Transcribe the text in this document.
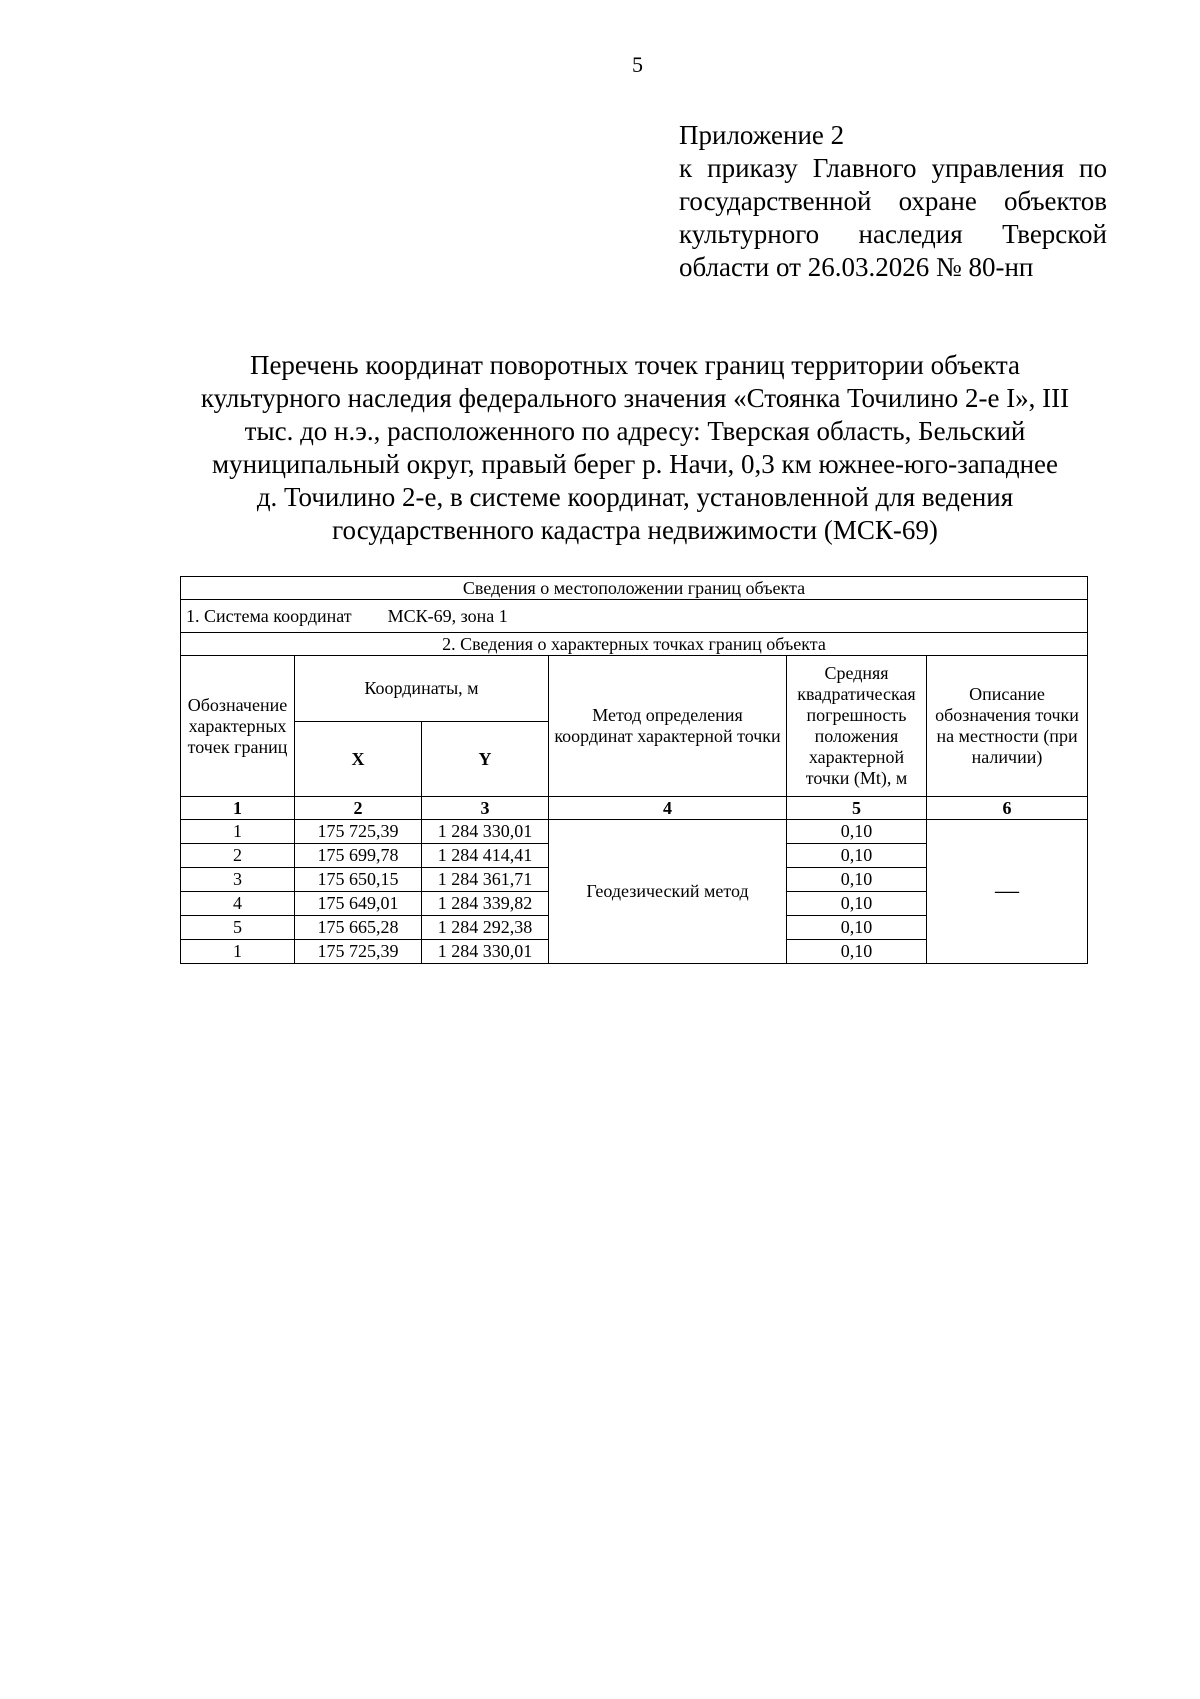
5
Приложение 2
к приказу Главного управления по
государственной охране объектов
культурного наследия Тверской
области от 26.03.2026 № 80-нп
Перечень координат поворотных точек границ территории объекта
культурного наследия федерального значения «Стоянка Точилино 2-е I», III
тыс. до н.э., расположенного по адресу: Тверская область, Бельский
муниципальный округ, правый берег р. Начи, 0,3 км южнее-юго-западнее
д. Точилино 2-е, в системе координат, установленной для ведения
государственного кадастра недвижимости (МСК-69)
Сведения о местоположении границ объекта					
1. Система координат МСК-69, зона 1					
2. Сведения о характерных точках границ объекта					
Обозначение характерных точек границ	Координаты, м		Метод определения координат характерной точки	Средняя квадратическая погрешность положения характерной точки (Mt), м	Описание обозначения точки на местности (при наличии)
	X	Y			
1	2	3	4	5	6
1	175 725,39	1 284 330,01	Геодезический метод	0,10	—
2	175 699,78	1 284 414,41		0,10	
3	175 650,15	1 284 361,71		0,10	
4	175 649,01	1 284 339,82		0,10	
5	175 665,28	1 284 292,38		0,10	
1	175 725,39	1 284 330,01		0,10	
